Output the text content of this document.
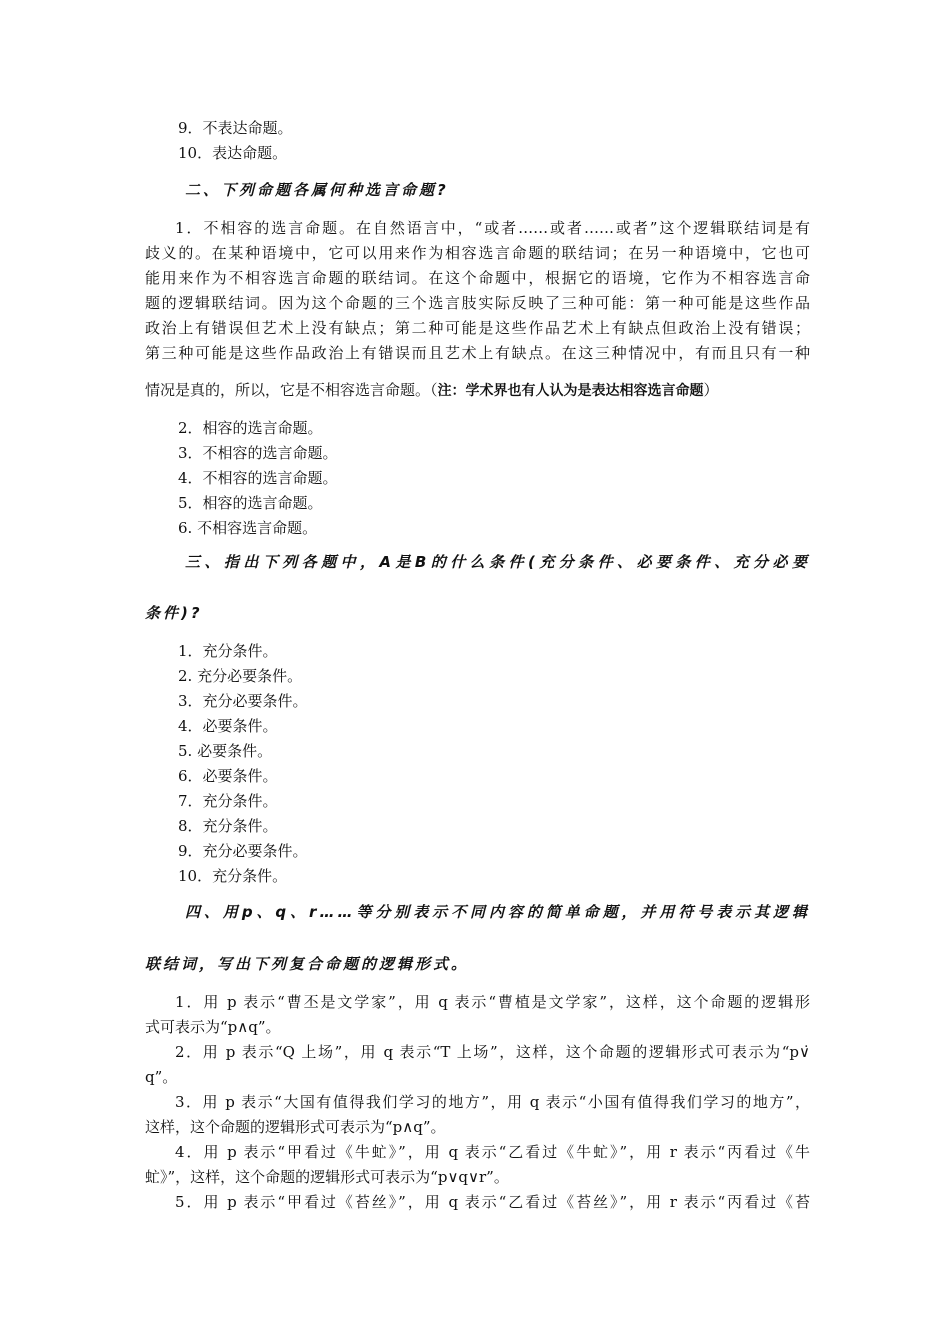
9．不表达命题。
10．表达命题。
二、下列命题各属何种选言命题?
1．不相容的选言命题。在自然语言中，“或者……或者……或者”这个逻辑联结词是有
歧义的。在某种语境中，它可以用来作为相容选言命题的联结词；在另一种语境中，它也可
能用来作为不相容选言命题的联结词。在这个命题中，根据它的语境，它作为不相容选言命
题的逻辑联结词。因为这个命题的三个选言肢实际反映了三种可能：第一种可能是这些作品
政治上有错误但艺术上没有缺点；第二种可能是这些作品艺术上有缺点但政治上没有错误；
第三种可能是这些作品政治上有错误而且艺术上有缺点。在这三种情况中，有而且只有一种
情况是真的，所以，它是不相容选言命题。（注：学术界也有人认为是表达相容选言命题）
2．相容的选言命题。
3．不相容的选言命题。
4．不相容的选言命题。
5．相容的选言命题。
6. 不相容选言命题。
三、指出下列各题中，A是B的什么条件(充分条件、必要条件、充分必要
条件)?
1．充分条件。
2. 充分必要条件。
3．充分必要条件。
4．必要条件。
5. 必要条件。
6．必要条件。
7．充分条件。
8．充分条件。
9．充分必要条件。
10．充分条件。
四、用p、q、r……等分别表示不同内容的简单命题，并用符号表示其逻辑
联结词，写出下列复合命题的逻辑形式。
1．用 p 表示“曹丕是文学家”，用 q 表示“曹植是文学家”，这样，这个命题的逻辑形
式可表示为“p∧q”。
2．用 p 表示“Q 上场”，用 q 表示“T 上场”，这样，这个命题的逻辑形式可表示为“p∨̇
q”。
3．用 p 表示“大国有值得我们学习的地方”，用 q 表示“小国有值得我们学习的地方”，
这样，这个命题的逻辑形式可表示为“p∧q”。
4．用 p 表示“甲看过《牛虻》”，用 q 表示“乙看过《牛虻》”，用 r 表示“丙看过《牛
虻》”，这样，这个命题的逻辑形式可表示为“p∨q∨r”。
5．用 p 表示“甲看过《苔丝》”，用 q 表示“乙看过《苔丝》”，用 r 表示“丙看过《苔
